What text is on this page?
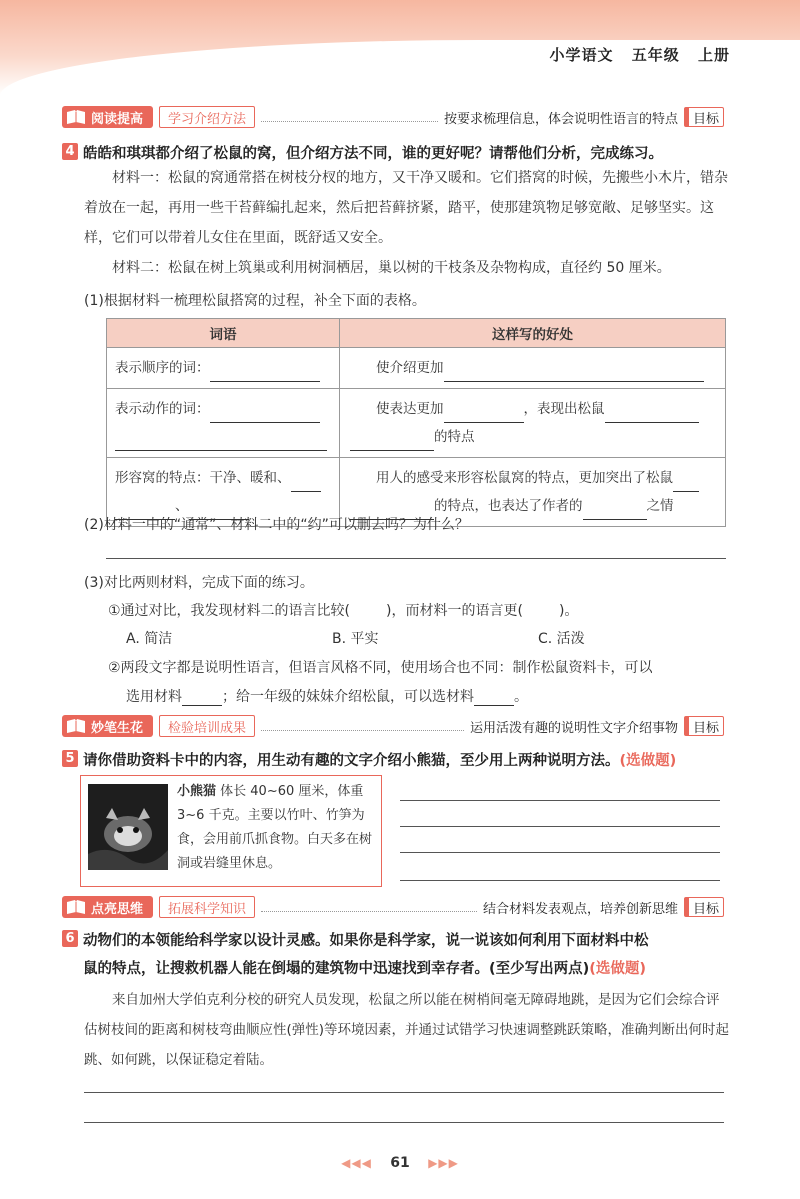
小学语文 五年级 上册
阅读提高	学习介绍方法	按要求梳理信息，体会说明性语言的特点	目标
4 皓皓和琪琪都介绍了松鼠的窝，但介绍方法不同，谁的更好呢？请帮他们分析，完成练习。
材料一：松鼠的窝通常搭在树枝分杈的地方，又干净又暖和。它们搭窝的时候，先搬些小木片，错杂着放在一起，再用一些干苔藓编扎起来，然后把苔藓挤紧，踏平，使那建筑物足够宽敞、足够坚实。这样，它们可以带着儿女住在里面，既舒适又安全。
材料二：松鼠在树上筑巢或利用树洞栖居，巢以树的干枝条及杂物构成，直径约 50 厘米。
(1)根据材料一梳理松鼠搭窝的过程，补全下面的表格。
词语	这样写的好处
表示顺序的词：	使介绍更加
表示动作的词：	使表达更加 ，表现出松鼠
的特点
形容窝的特点：干净、暖和、
、	用人的感受来形容松鼠窝的特点，更加突出了松鼠
的特点，也表达了作者的 之情
(2)材料一中的“通常”、材料二中的“约”可以删去吗？为什么？
(3)对比两则材料，完成下面的练习。
①通过对比，我发现材料二的语言比较(	)，而材料一的语言更(	)。
A. 简洁	B. 平实	C. 活泼
②两段文字都是说明性语言，但语言风格不同，使用场合也不同：制作松鼠资料卡，可以
选用材料	；给一年级的妹妹介绍松鼠，可以选材料	。
妙笔生花	检验培训成果	运用活泼有趣的说明性文字介绍事物	目标
5 请你借助资料卡中的内容，用生动有趣的文字介绍小熊猫，至少用上两种说明方法。(选做题)
小熊猫 体长 40~60 厘米，体重 3~6 千克。主要以竹叶、竹笋为食，会用前爪抓食物。白天多在树洞或岩缝里休息。
点亮思维	拓展科学知识	结合材料发表观点，培养创新思维	目标
6 动物们的本领能给科学家以设计灵感。如果你是科学家，说一说该如何利用下面材料中松
鼠的特点，让搜救机器人能在倒塌的建筑物中迅速找到幸存者。(至少写出两点)(选做题)
来自加州大学伯克利分校的研究人员发现，松鼠之所以能在树梢间毫无障碍地跳，是因为它们会综合评估树枝间的距离和树枝弯曲顺应性(弹性)等环境因素，并通过试错学习快速调整跳跃策略，准确判断出何时起跳、如何跳，以保证稳定着陆。
◀◀◀ 61 ▶▶▶
